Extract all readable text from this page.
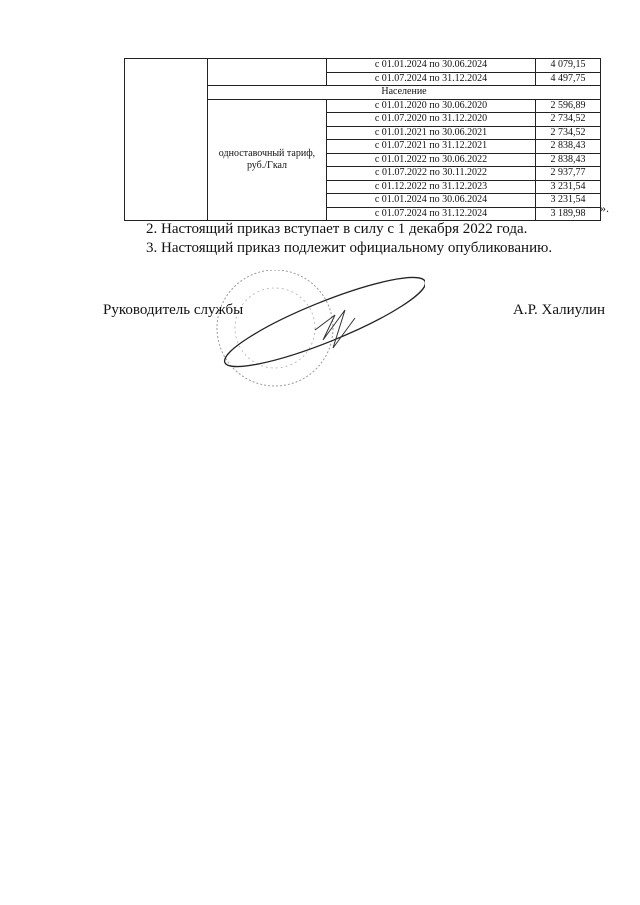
		с 01.01.2024 по 30.06.2024	4 079,15
		с 01.07.2024 по 31.12.2024	4 497,75
	Население		
	одноставочный тариф, руб./Гкал	с 01.01.2020 по 30.06.2020	2 596,89
		с 01.07.2020 по 31.12.2020	2 734,52
		с 01.01.2021 по 30.06.2021	2 734,52
		с 01.07.2021 по 31.12.2021	2 838,43
		с 01.01.2022 по 30.06.2022	2 838,43
		с 01.07.2022 по 30.11.2022	2 937,77
		с 01.12.2022 по 31.12.2023	3 231,54
		с 01.01.2024 по 30.06.2024	3 231,54
		с 01.07.2024 по 31.12.2024	3 189,98 ».
2. Настоящий приказ вступает в силу с 1 декабря 2022 года.
3. Настоящий приказ подлежит официальному опубликованию.
Руководитель службы	А.Р. Халиулин
